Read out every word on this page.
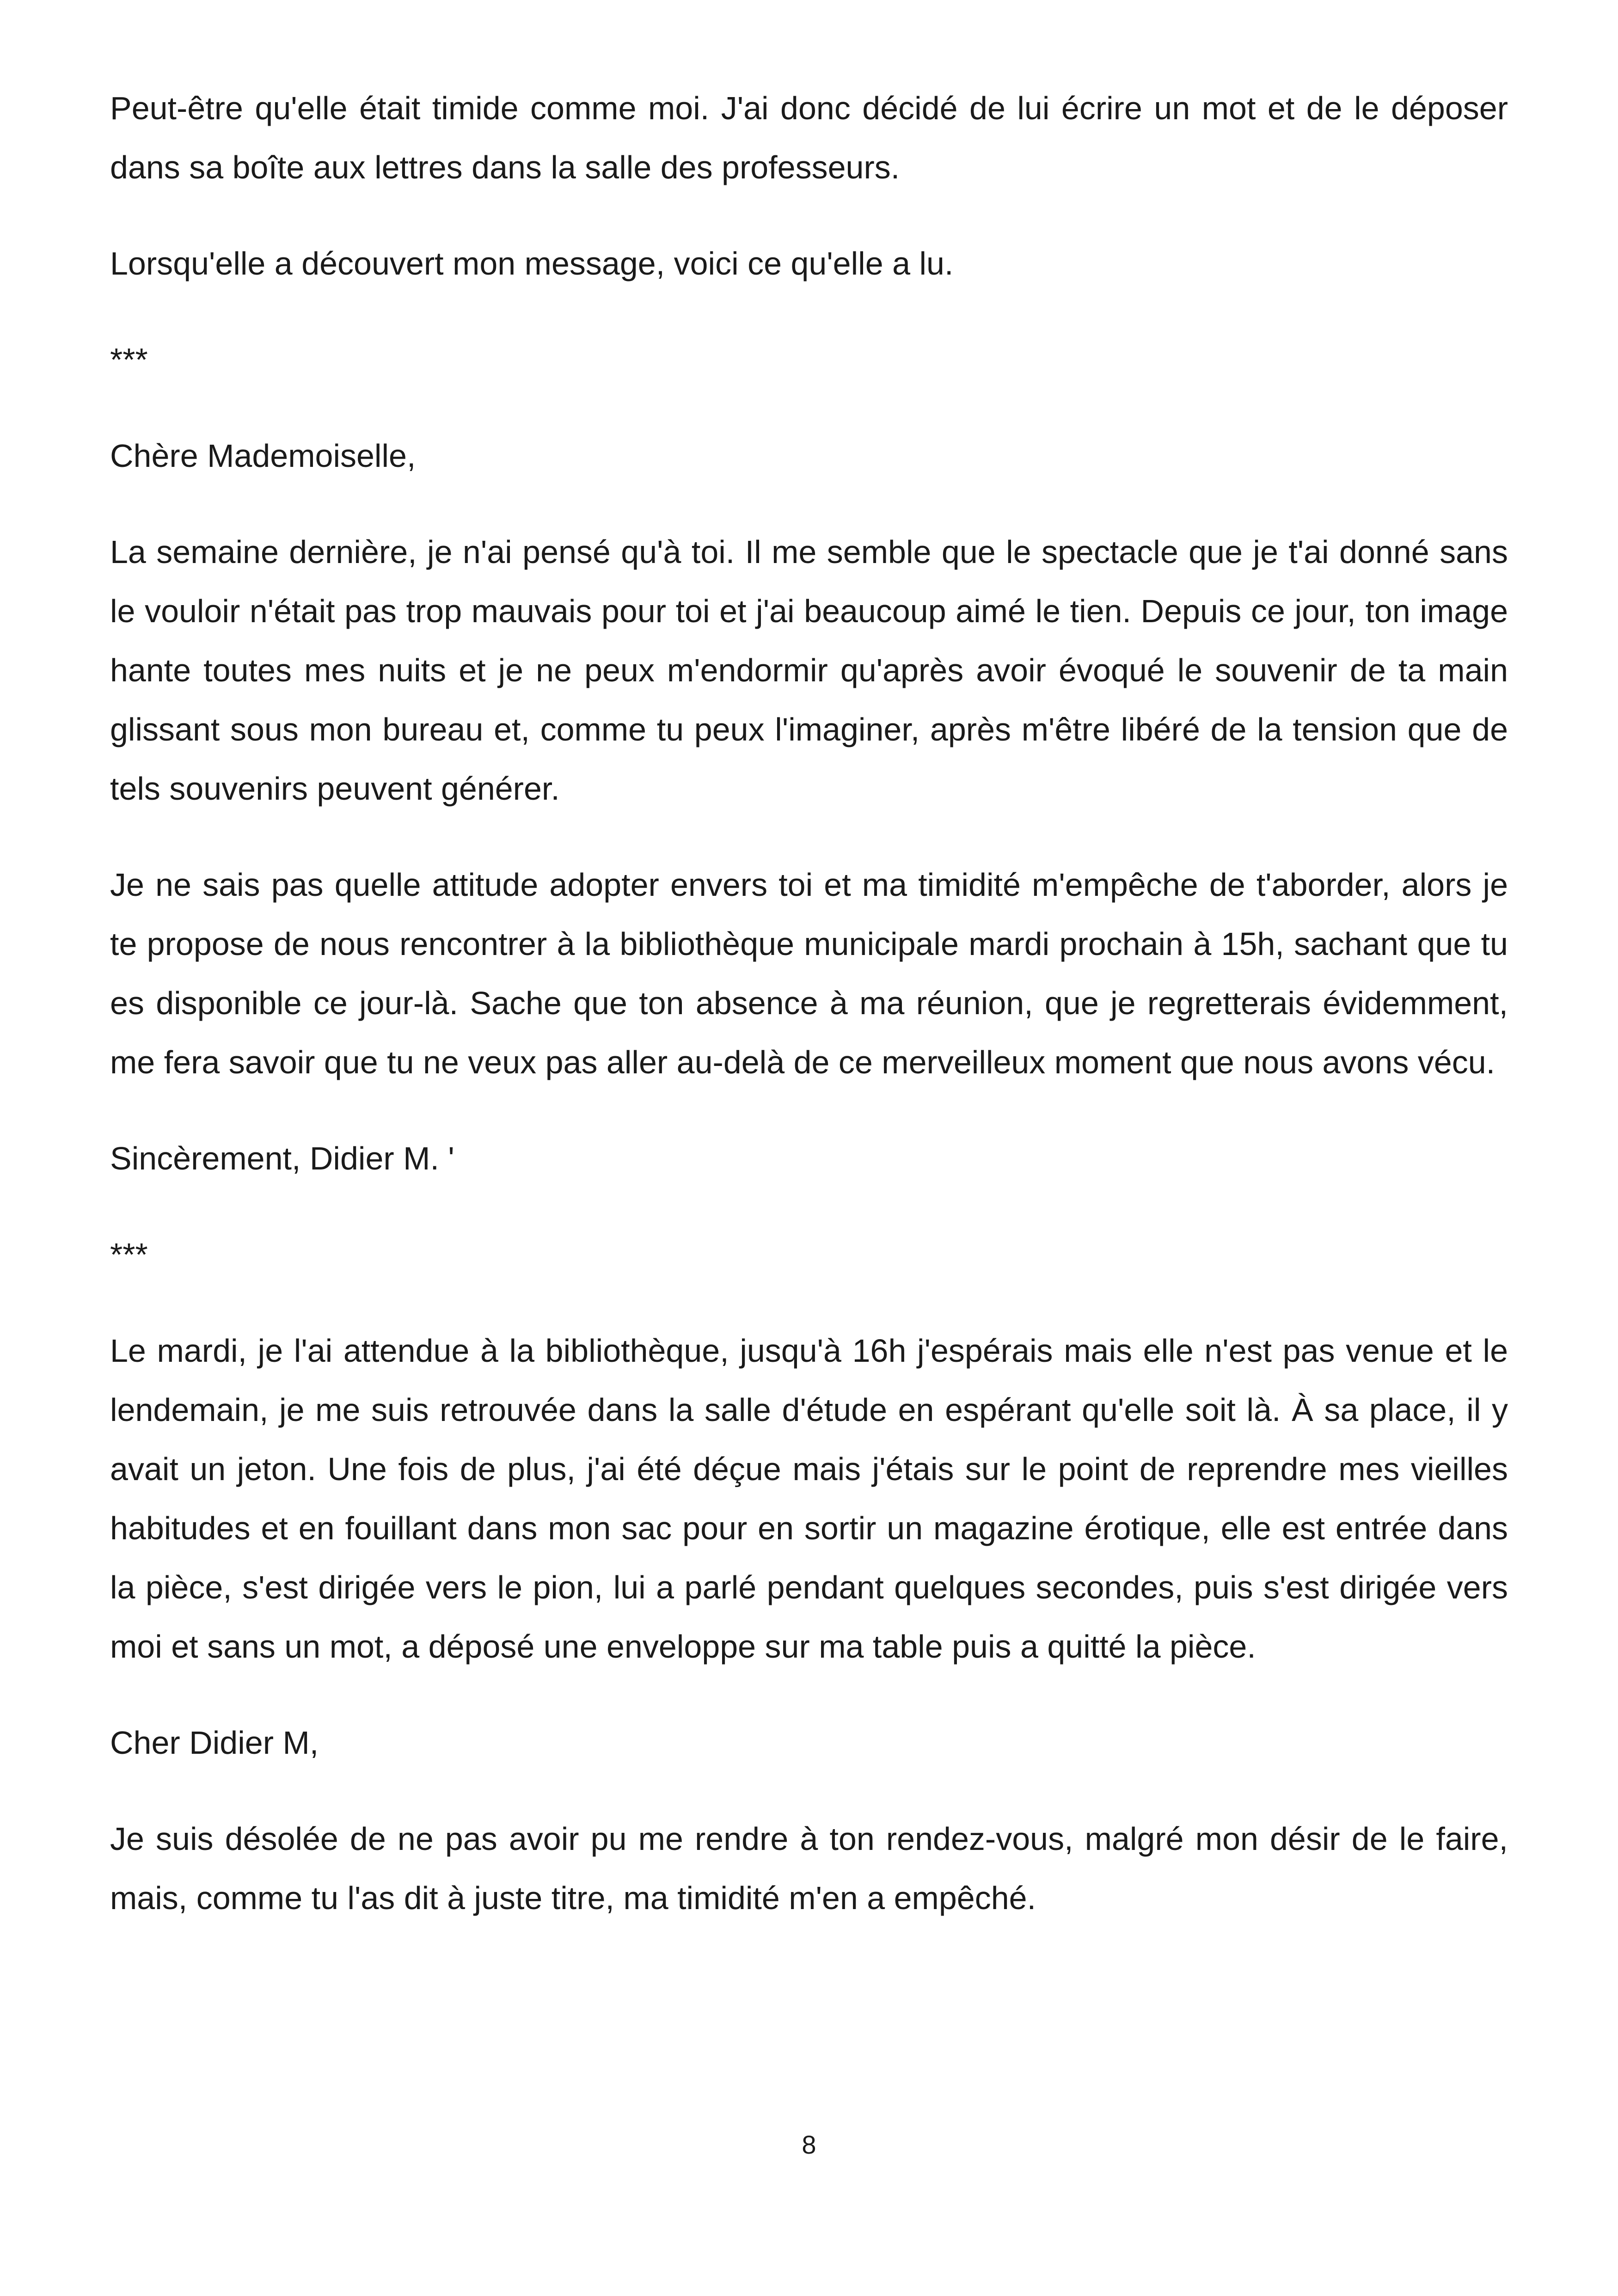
Peut-être qu'elle était timide comme moi. J'ai donc décidé de lui écrire un mot et de le déposer dans sa boîte aux lettres dans la salle des professeurs.

Lorsqu'elle a découvert mon message, voici ce qu'elle a lu.

***

Chère Mademoiselle,

La semaine dernière, je n'ai pensé qu'à toi. Il me semble que le spectacle que je t'ai donné sans le vouloir n'était pas trop mauvais pour toi et j'ai beaucoup aimé le tien. Depuis ce jour, ton image hante toutes mes nuits et je ne peux m'endormir qu'après avoir évoqué le souvenir de ta main glissant sous mon bureau et, comme tu peux l'imaginer, après m'être libéré de la tension que de tels souvenirs peuvent générer.

Je ne sais pas quelle attitude adopter envers toi et ma timidité m'empêche de t'aborder, alors je te propose de nous rencontrer à la bibliothèque municipale mardi prochain à 15h, sachant que tu es disponible ce jour-là. Sache que ton absence à ma réunion, que je regretterais évidemment, me fera savoir que tu ne veux pas aller au-delà de ce merveilleux moment que nous avons vécu.

Sincèrement, Didier M. '

***

Le mardi, je l'ai attendue à la bibliothèque, jusqu'à 16h j'espérais mais elle n'est pas venue et le lendemain, je me suis retrouvée dans la salle d'étude en espérant qu'elle soit là. À sa place, il y avait un jeton. Une fois de plus, j'ai été déçue mais j'étais sur le point de reprendre mes vieilles habitudes et en fouillant dans mon sac pour en sortir un magazine érotique, elle est entrée dans la pièce, s'est dirigée vers le pion, lui a parlé pendant quelques secondes, puis s'est dirigée vers moi et sans un mot, a déposé une enveloppe sur ma table puis a quitté la pièce.

Cher Didier M,

Je suis désolée de ne pas avoir pu me rendre à ton rendez-vous, malgré mon désir de le faire, mais, comme tu l'as dit à juste titre, ma timidité m'en a empêché.

8
